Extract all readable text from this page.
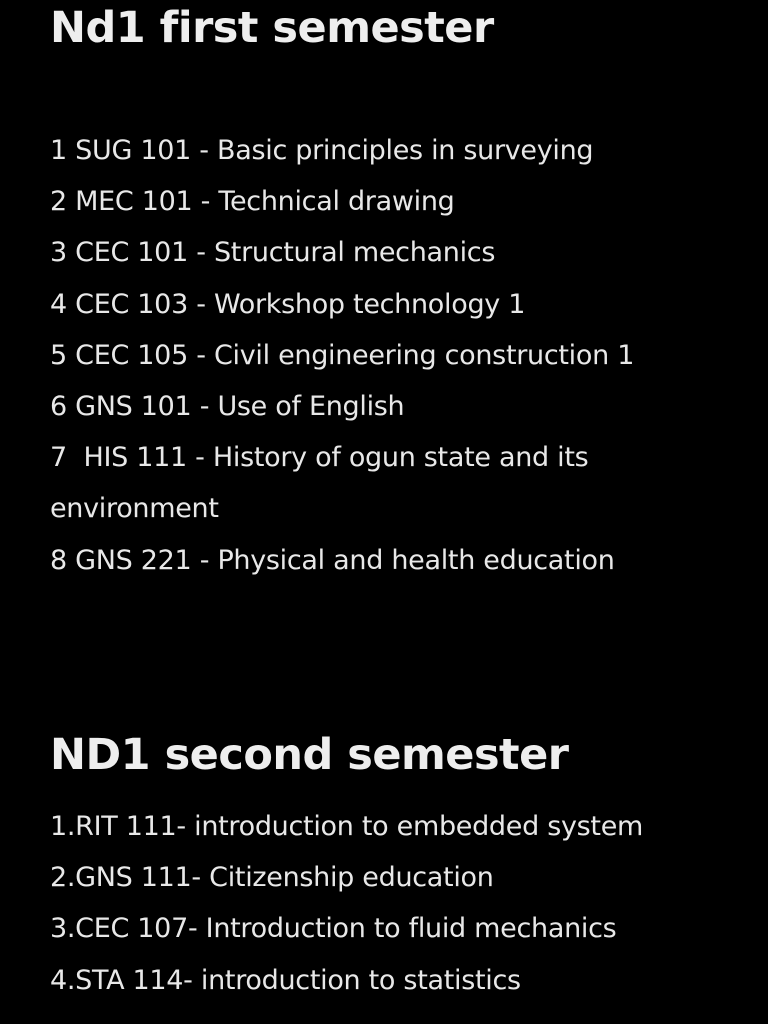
Nd1 first semester
1 SUG 101 - Basic principles in surveying
2 MEC 101 - Technical drawing
3 CEC 101 - Structural mechanics
4 CEC 103 - Workshop technology 1
5 CEC 105 - Civil engineering construction 1
6 GNS 101 - Use of English
7  HIS 111 - History of ogun state and its
environment
8 GNS 221 - Physical and health education
ND1 second semester
1.RIT 111- introduction to embedded system
2.GNS 111- Citizenship education
3.CEC 107- Introduction to fluid mechanics
4.STA 114- introduction to statistics
